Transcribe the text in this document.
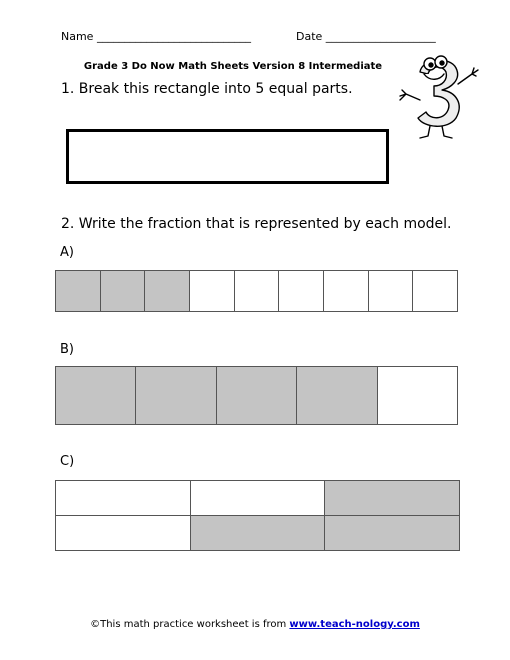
Name ____________________________	Date ____________________
Grade 3 Do Now Math Sheets Version 8 Intermediate
1. Break this rectangle into 5 equal parts.
2. Write the fraction that is represented by each model.
A)
B)
C)
©This math practice worksheet is from www.teach-nology.com
